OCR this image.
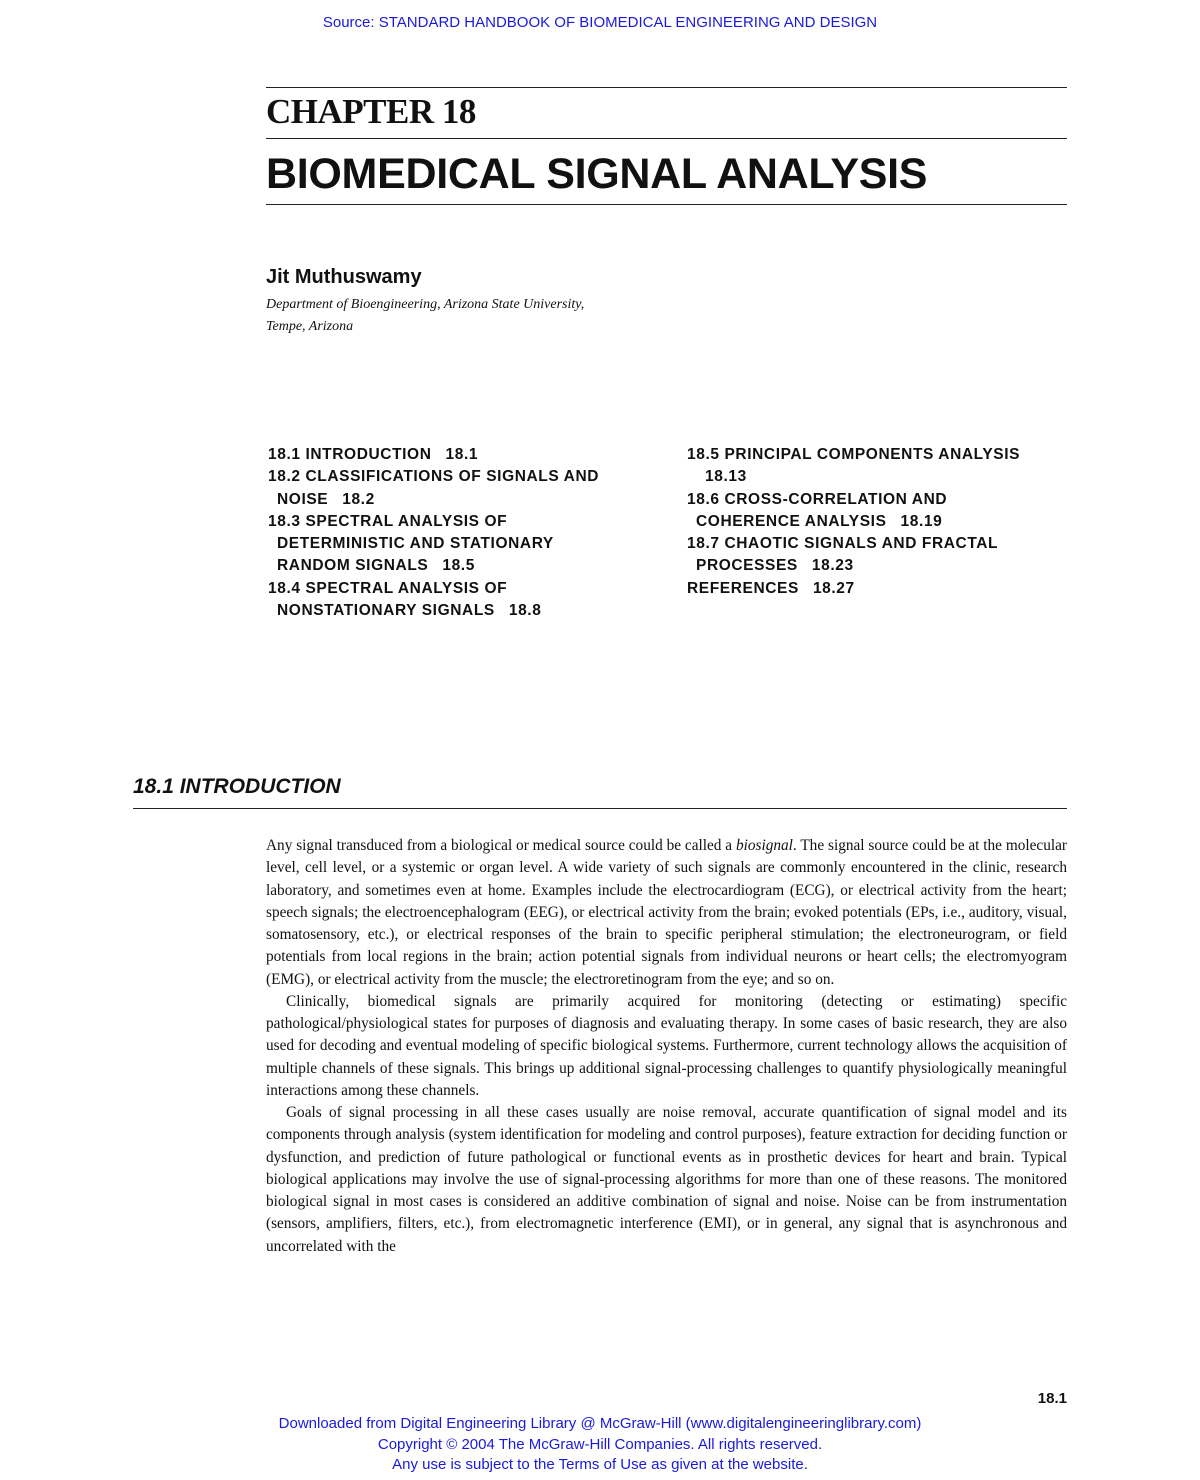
Source: STANDARD HANDBOOK OF BIOMEDICAL ENGINEERING AND DESIGN
CHAPTER 18
BIOMEDICAL SIGNAL ANALYSIS
Jit Muthuswamy
Department of Bioengineering, Arizona State University,
Tempe, Arizona
18.1 INTRODUCTION 18.1
18.2 CLASSIFICATIONS OF SIGNALS AND
NOISE 18.2
18.3 SPECTRAL ANALYSIS OF
DETERMINISTIC AND STATIONARY
RANDOM SIGNALS 18.5
18.4 SPECTRAL ANALYSIS OF
NONSTATIONARY SIGNALS 18.8
18.5 PRINCIPAL COMPONENTS ANALYSIS
18.13
18.6 CROSS-CORRELATION AND
COHERENCE ANALYSIS 18.19
18.7 CHAOTIC SIGNALS AND FRACTAL
PROCESSES 18.23
REFERENCES 18.27
18.1 INTRODUCTION

Any signal transduced from a biological or medical source could be called a biosignal. The signal source could be at the molecular level, cell level, or a systemic or organ level. A wide variety of such signals are commonly encountered in the clinic, research laboratory, and sometimes even at home. Examples include the electrocardiogram (ECG), or electrical activity from the heart; speech signals; the electroencephalogram (EEG), or electrical activity from the brain; evoked potentials (EPs, i.e., auditory, visual, somatosensory, etc.), or electrical responses of the brain to specific peripheral stimulation; the electroneurogram, or field potentials from local regions in the brain; action potential signals from individual neurons or heart cells; the electromyogram (EMG), or electrical activity from the muscle; the electroretinogram from the eye; and so on.

Clinically, biomedical signals are primarily acquired for monitoring (detecting or estimating) specific pathological/physiological states for purposes of diagnosis and evaluating therapy. In some cases of basic research, they are also used for decoding and eventual modeling of specific biological systems. Furthermore, current technology allows the acquisition of multiple channels of these signals. This brings up additional signal-processing challenges to quantify physiologically meaningful interactions among these channels.

Goals of signal processing in all these cases usually are noise removal, accurate quantification of signal model and its components through analysis (system identification for modeling and control purposes), feature extraction for deciding function or dysfunction, and prediction of future pathological or functional events as in prosthetic devices for heart and brain. Typical biological applications may involve the use of signal-processing algorithms for more than one of these reasons. The monitored biological signal in most cases is considered an additive combination of signal and noise. Noise can be from instrumentation (sensors, amplifiers, filters, etc.), from electromagnetic interference (EMI), or in general, any signal that is asynchronous and uncorrelated with the

18.1
Downloaded from Digital Engineering Library @ McGraw-Hill (www.digitalengineeringlibrary.com)
Copyright © 2004 The McGraw-Hill Companies. All rights reserved.
Any use is subject to the Terms of Use as given at the website.
